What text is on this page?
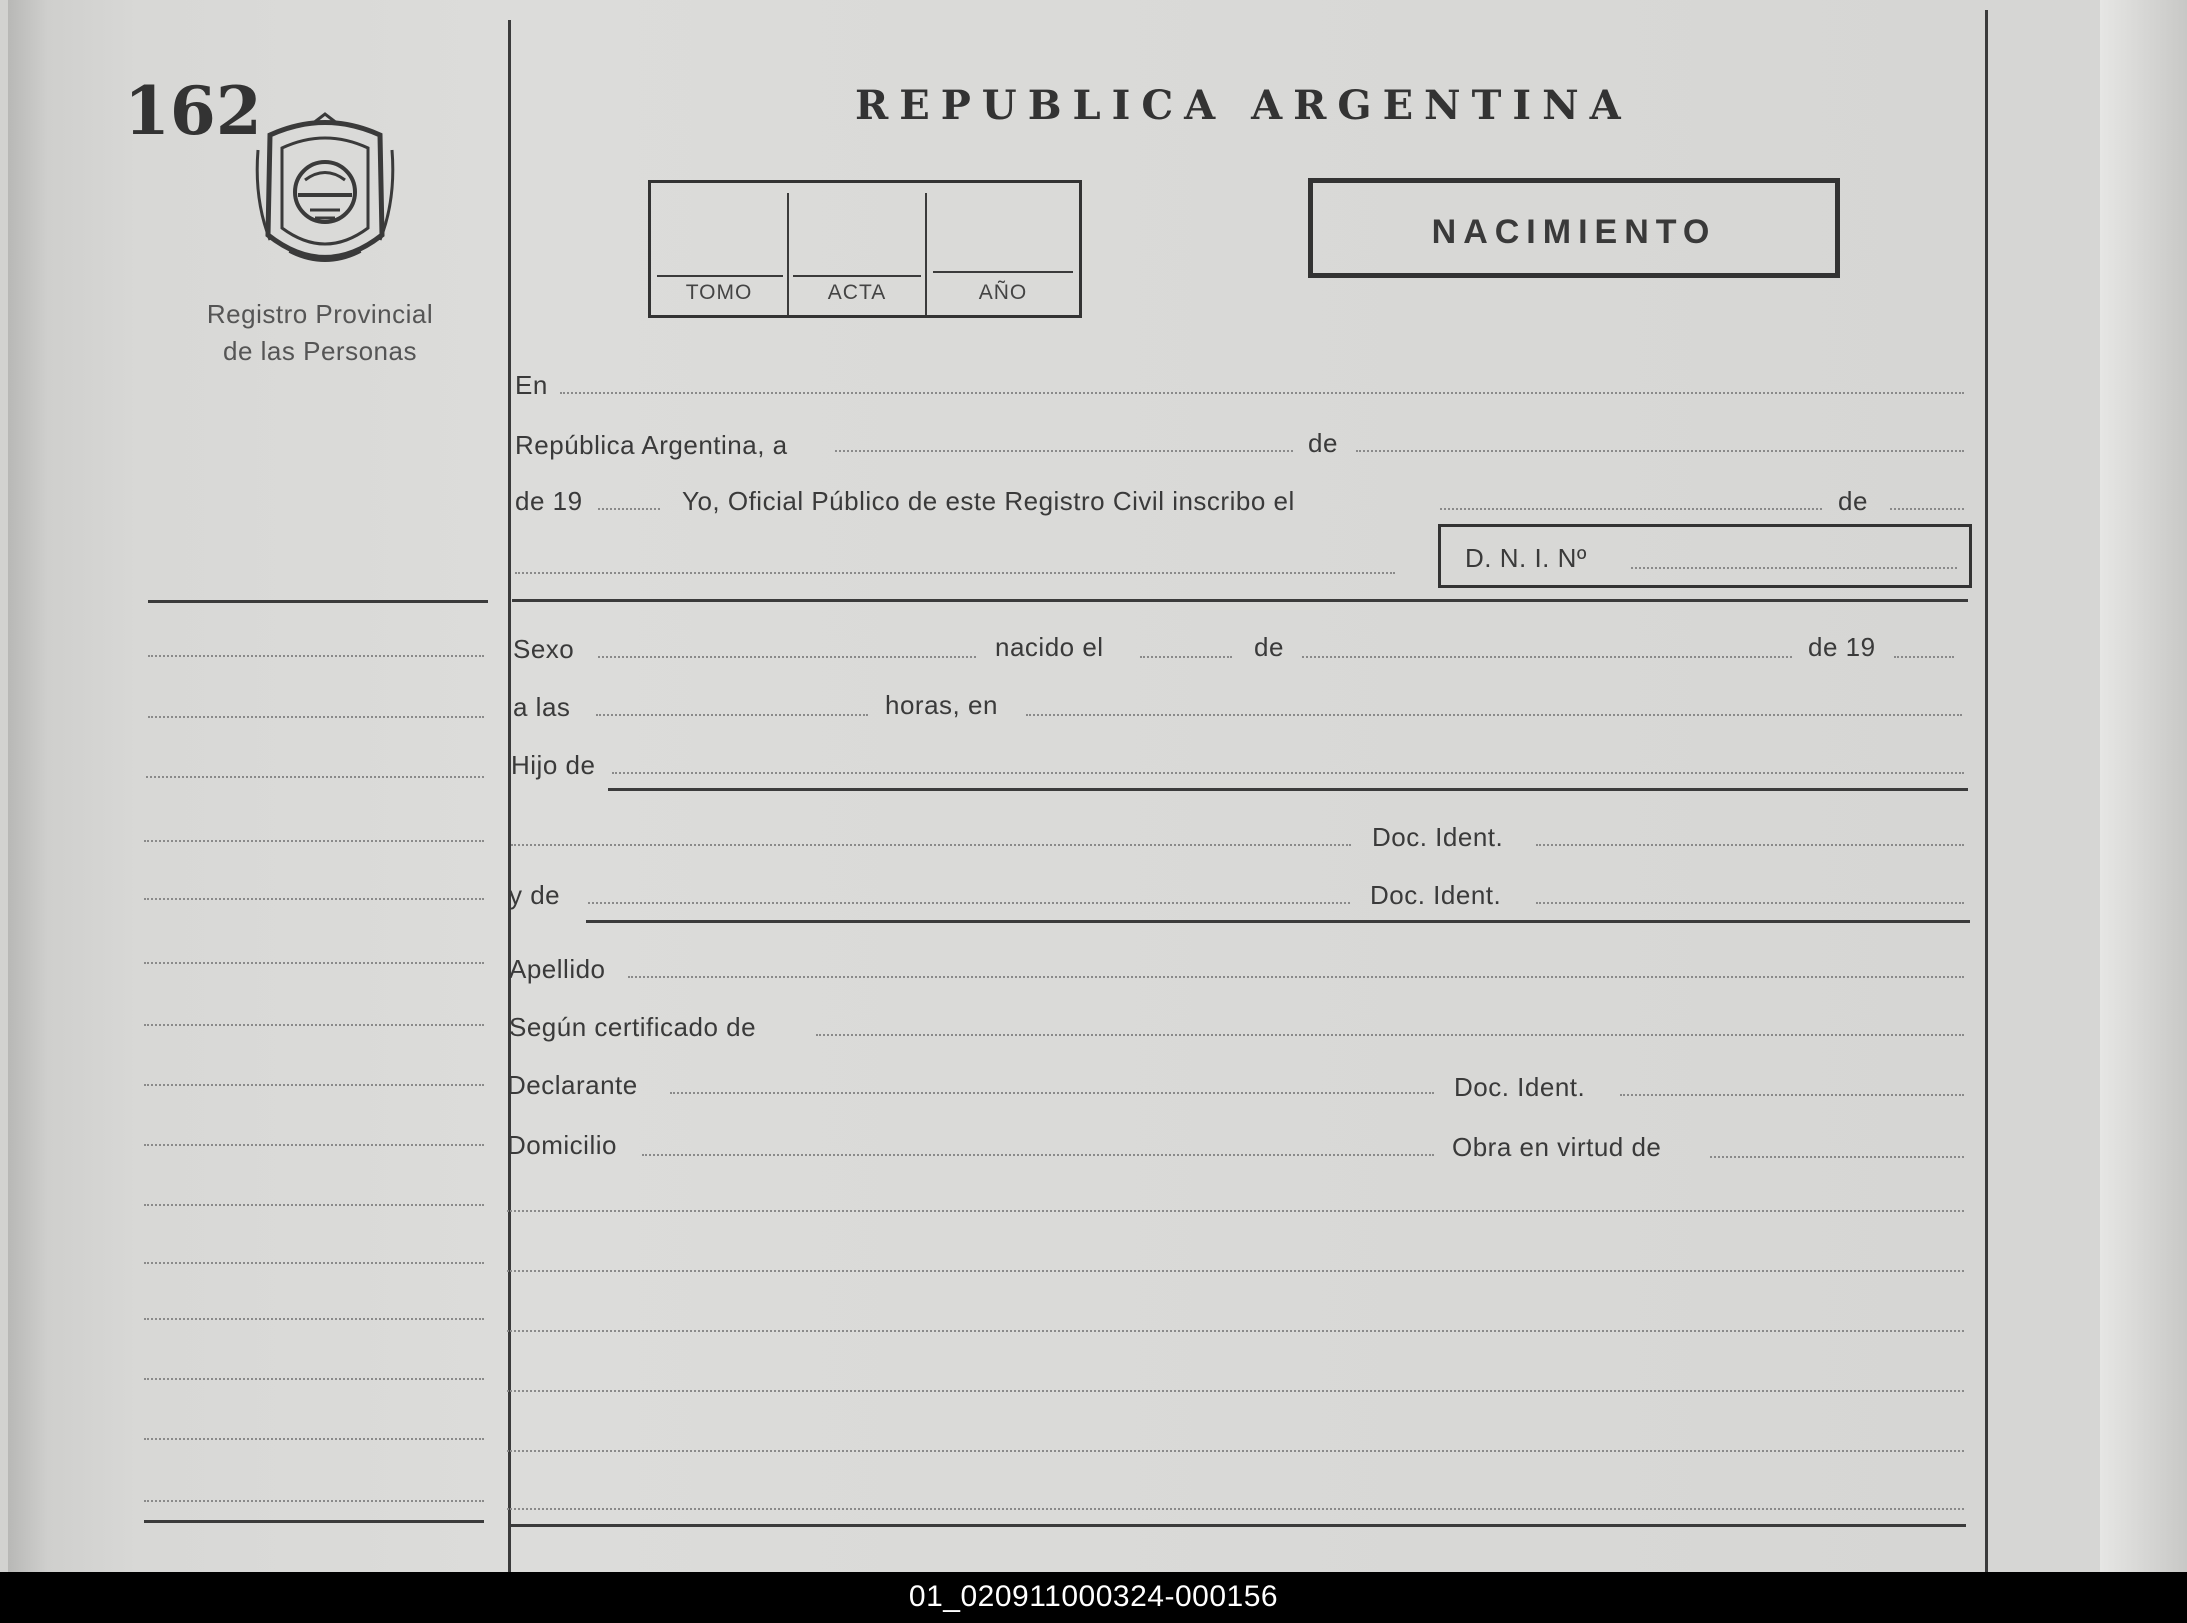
162
Registro Provincial
de las Personas
REPUBLICA ARGENTINA
TOMO	ACTA	AÑO
NACIMIENTO
En
República Argentina, a	de
de 19	Yo, Oficial Público de este Registro Civil inscribo el	de
D. N. I. Nº
Sexo	nacido el	de	de 19
a las	horas, en
Hijo de
Doc. Ident.
y de	Doc. Ident.
Apellido
Según certificado de
Declarante	Doc. Ident.
Domicilio	Obra en virtud de
01_020911000324-000156
